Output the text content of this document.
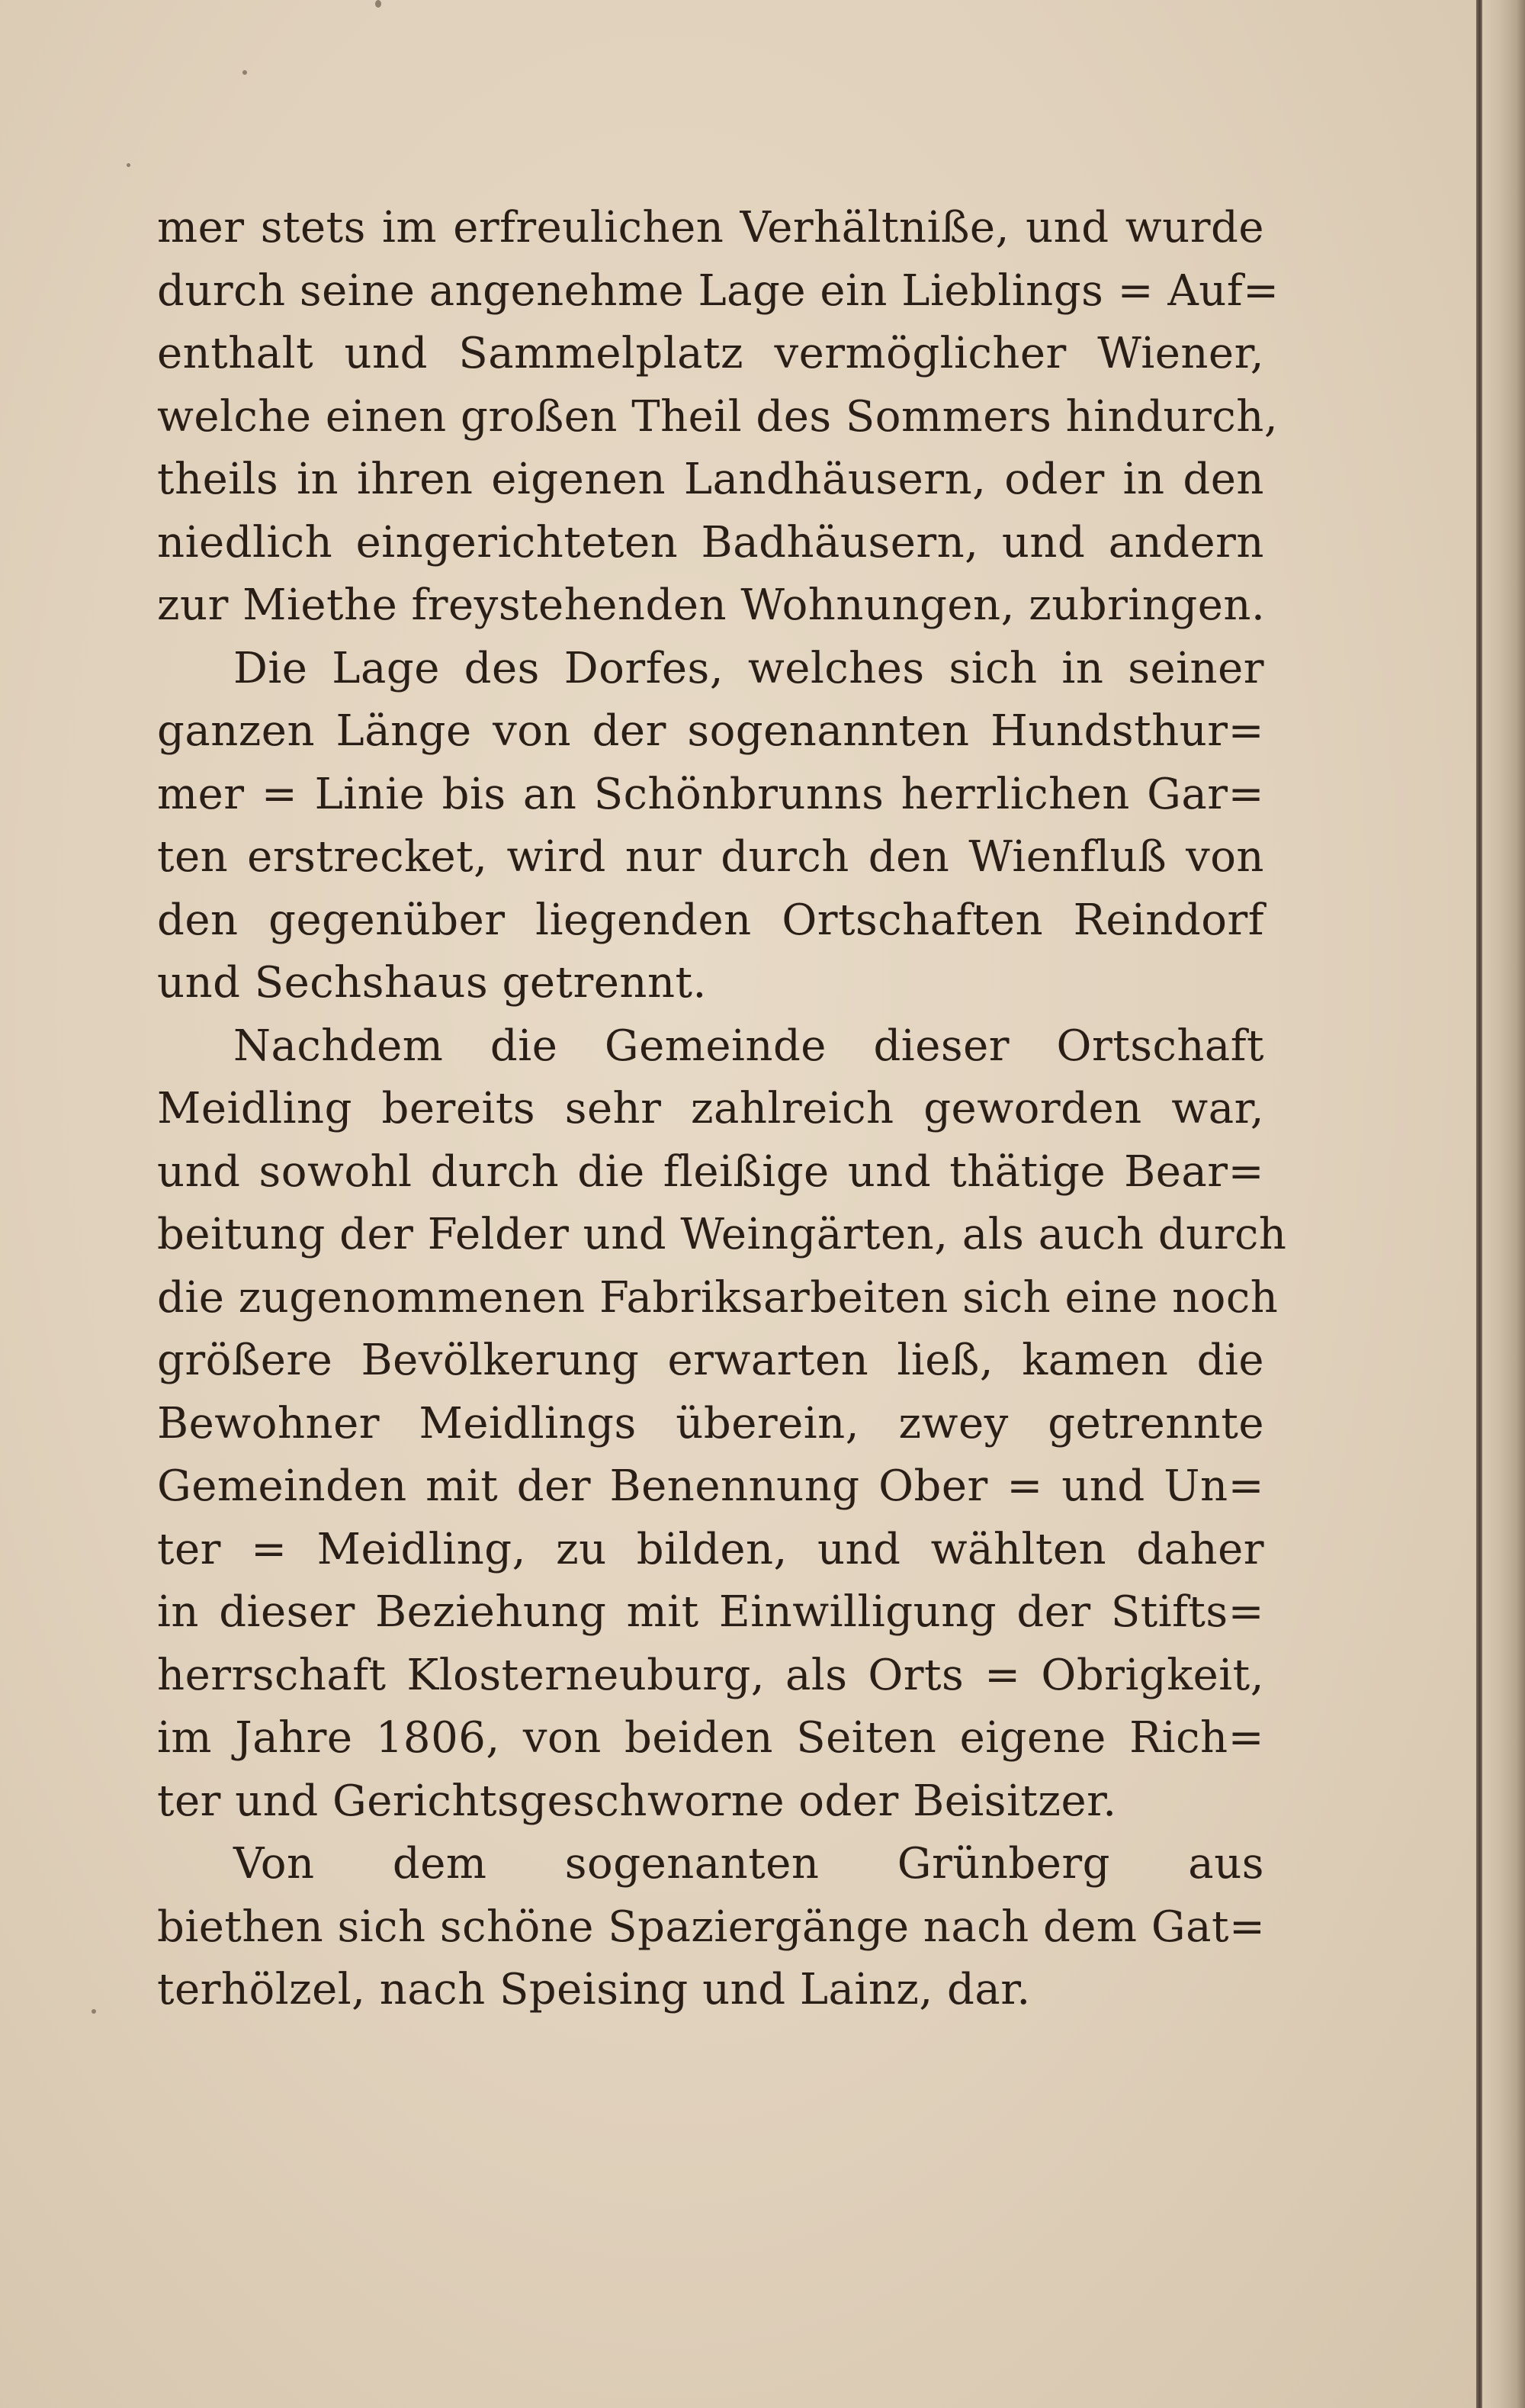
mer stets im erfreulichen Verhältniße, und wurde
durch seine angenehme Lage ein Lieblings = Auf=
enthalt und Sammelplatz vermöglicher Wiener,
welche einen großen Theil des Sommers hindurch,
theils in ihren eigenen Landhäusern, oder in den
niedlich eingerichteten Badhäusern, und andern
zur Miethe freystehenden Wohnungen, zubringen.
Die Lage des Dorfes, welches sich in seiner
ganzen Länge von der sogenannten Hundsthur=
mer = Linie bis an Schönbrunns herrlichen Gar=
ten erstrecket, wird nur durch den Wienfluß von
den gegenüber liegenden Ortschaften Reindorf
und Sechshaus getrennt.
Nachdem die Gemeinde dieser Ortschaft
Meidling bereits sehr zahlreich geworden war,
und sowohl durch die fleißige und thätige Bear=
beitung der Felder und Weingärten, als auch durch
die zugenommenen Fabriksarbeiten sich eine noch
größere Bevölkerung erwarten ließ, kamen die
Bewohner Meidlings überein, zwey getrennte
Gemeinden mit der Benennung Ober = und Un=
ter = Meidling, zu bilden, und wählten daher
in dieser Beziehung mit Einwilligung der Stifts=
herrschaft Klosterneuburg, als Orts = Obrigkeit,
im Jahre 1806, von beiden Seiten eigene Rich=
ter und Gerichtsgeschworne oder Beisitzer.
Von dem sogenanten Grünberg aus
biethen sich schöne Spaziergänge nach dem Gat=
terhölzel, nach Speising und Lainz, dar.
